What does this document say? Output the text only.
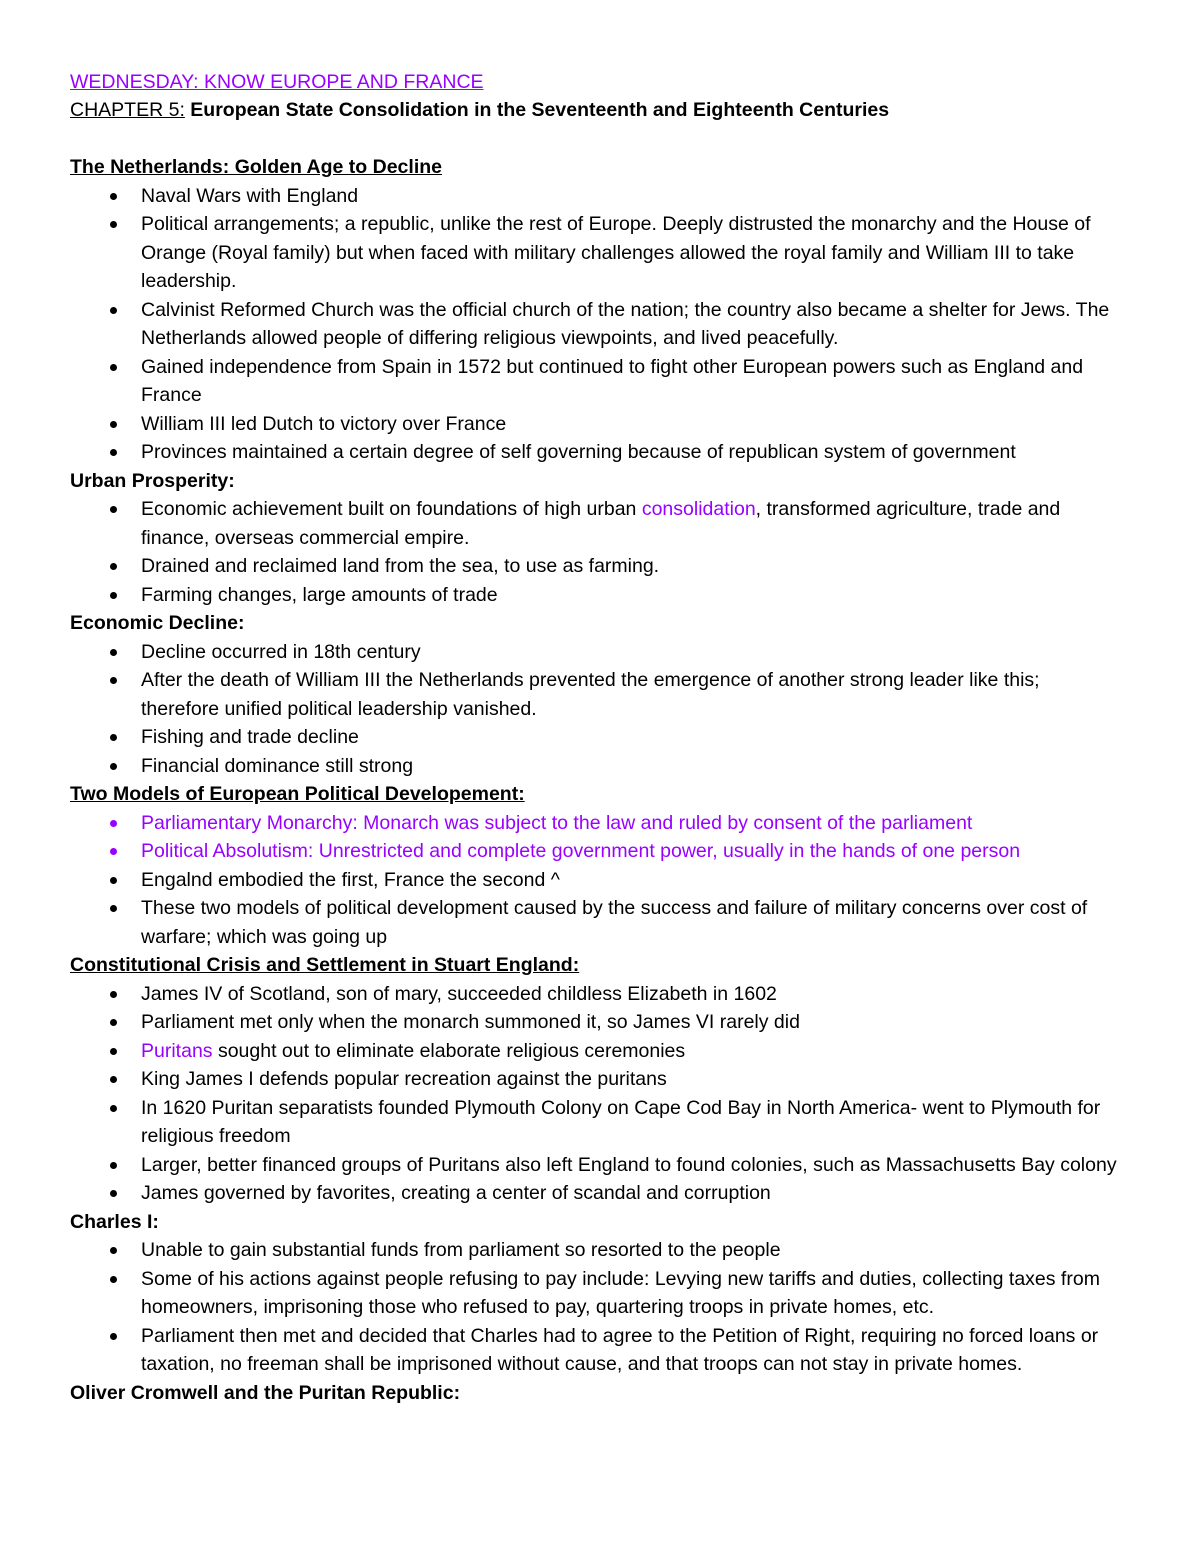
WEDNESDAY: KNOW EUROPE AND FRANCE
CHAPTER 5: European State Consolidation in the Seventeenth and Eighteenth Centuries
The Netherlands: Golden Age to Decline
Naval Wars with England
Political arrangements; a republic, unlike the rest of Europe. Deeply distrusted the monarchy and the House of Orange (Royal family) but when faced with military challenges allowed the royal family and William III to take leadership.
Calvinist Reformed Church was the official church of the nation; the country also became a shelter for Jews. The Netherlands allowed people of differing religious viewpoints, and lived peacefully.
Gained independence from Spain in 1572 but continued to fight other European powers such as England and France
William III led Dutch to victory over France
Provinces maintained a certain degree of self governing because of republican system of government
Urban Prosperity:
Economic achievement built on foundations of high urban consolidation, transformed agriculture, trade and finance, overseas commercial empire.
Drained and reclaimed land from the sea, to use as farming.
Farming changes, large amounts of trade
Economic Decline:
Decline occurred in 18th century
After the death of William III the Netherlands prevented the emergence of another strong leader like this; therefore unified political leadership vanished.
Fishing and trade decline
Financial dominance still strong
Two Models of European Political Developement:
Parliamentary Monarchy: Monarch was subject to the law and ruled by consent of the parliament
Political Absolutism: Unrestricted and complete government power, usually in the hands of one person
Engalnd embodied the first, France the second ^
These two models of political development caused by the success and failure of military concerns over cost of warfare; which was going up
Constitutional Crisis and Settlement in Stuart England:
James IV of Scotland, son of mary, succeeded childless Elizabeth in 1602
Parliament met only when the monarch summoned it, so James VI rarely did
Puritans sought out to eliminate elaborate religious ceremonies
King James I defends popular recreation against the puritans
In 1620 Puritan separatists founded Plymouth Colony on Cape Cod Bay in North America- went to Plymouth for religious freedom
Larger, better financed groups of Puritans also left England to found colonies, such as Massachusetts Bay colony
James governed by favorites, creating a center of scandal and corruption
Charles I:
Unable to gain substantial funds from parliament so resorted to the people
Some of his actions against people refusing to pay include: Levying new tariffs and duties, collecting taxes from homeowners, imprisoning those who refused to pay, quartering troops in private homes, etc.
Parliament then met and decided that Charles had to agree to the Petition of Right, requiring no forced loans or taxation, no freeman shall be imprisoned without cause, and that troops can not stay in private homes.
Oliver Cromwell and the Puritan Republic:
